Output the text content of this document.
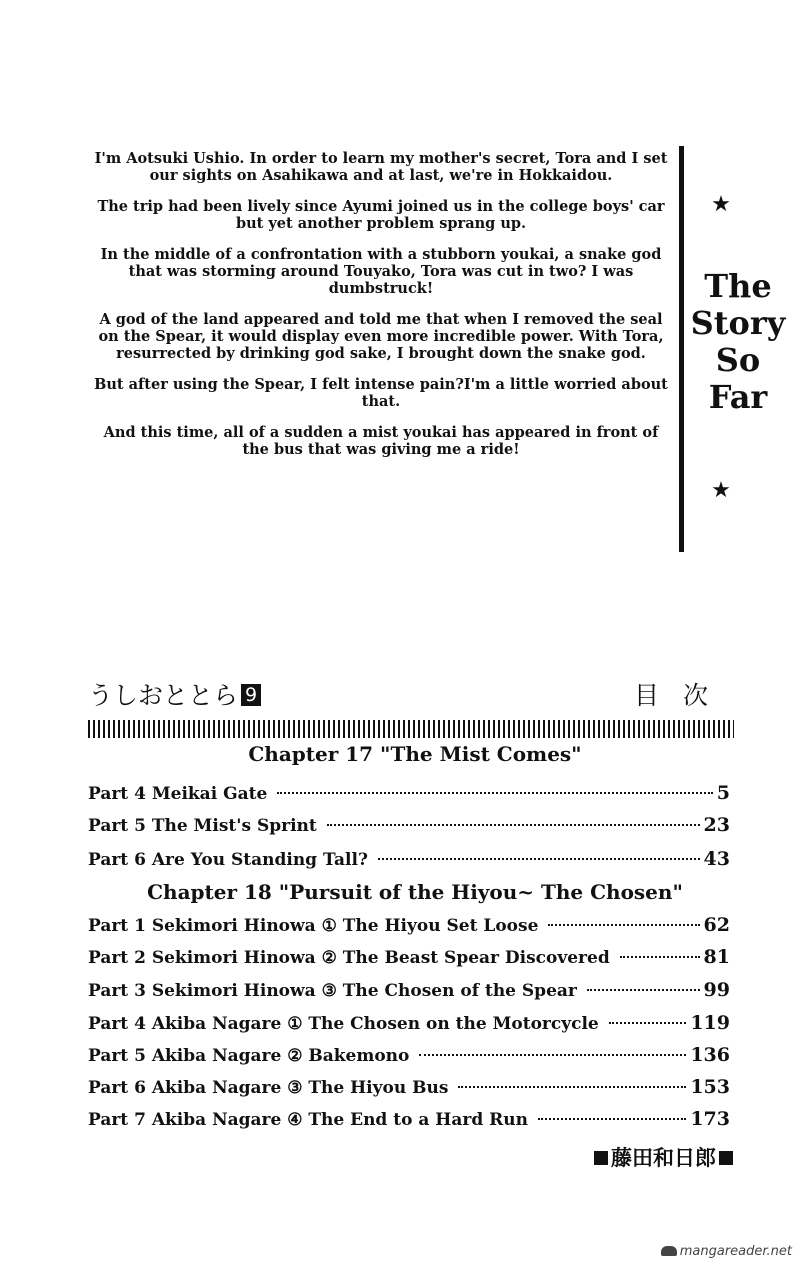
I'm Aotsuki Ushio. In order to learn my mother's secret, Tora and I set our sights on Asahikawa and at last, we're in Hokkaidou.

The trip had been lively since Ayumi joined us in the college boys' car but yet another problem sprang up.

In the middle of a confrontation with a stubborn youkai, a snake god that was storming around Touyako, Tora was cut in two? I was dumbstruck!

A god of the land appeared and told me that when I removed the seal on the Spear, it would display even more incredible power. With Tora, resurrected by drinking god sake, I brought down the snake god.

But after using the Spear, I felt intense pain?I'm a little worried about that.

And this time, all of a sudden a mist youkai has appeared in front of the bus that was giving me a ride!

★
The
Story
So
Far
★
うしおととら 9	目次
Chapter 17 "The Mist Comes"
Part 4 Meikai Gate	5
Part 5 The Mist's Sprint	23
Part 6 Are You Standing Tall?	43
Chapter 18 "Pursuit of the Hiyou~ The Chosen"
Part 1 Sekimori Hinowa ① The Hiyou Set Loose	62
Part 2 Sekimori Hinowa ② The Beast Spear Discovered	81
Part 3 Sekimori Hinowa ③ The Chosen of the Spear	99
Part 4 Akiba Nagare ① The Chosen on the Motorcycle	119
Part 5 Akiba Nagare ② Bakemono	136
Part 6 Akiba Nagare ③ The Hiyou Bus	153
Part 7 Akiba Nagare ④ The End to a Hard Run	173
藤田和日郎
mangareader.net
